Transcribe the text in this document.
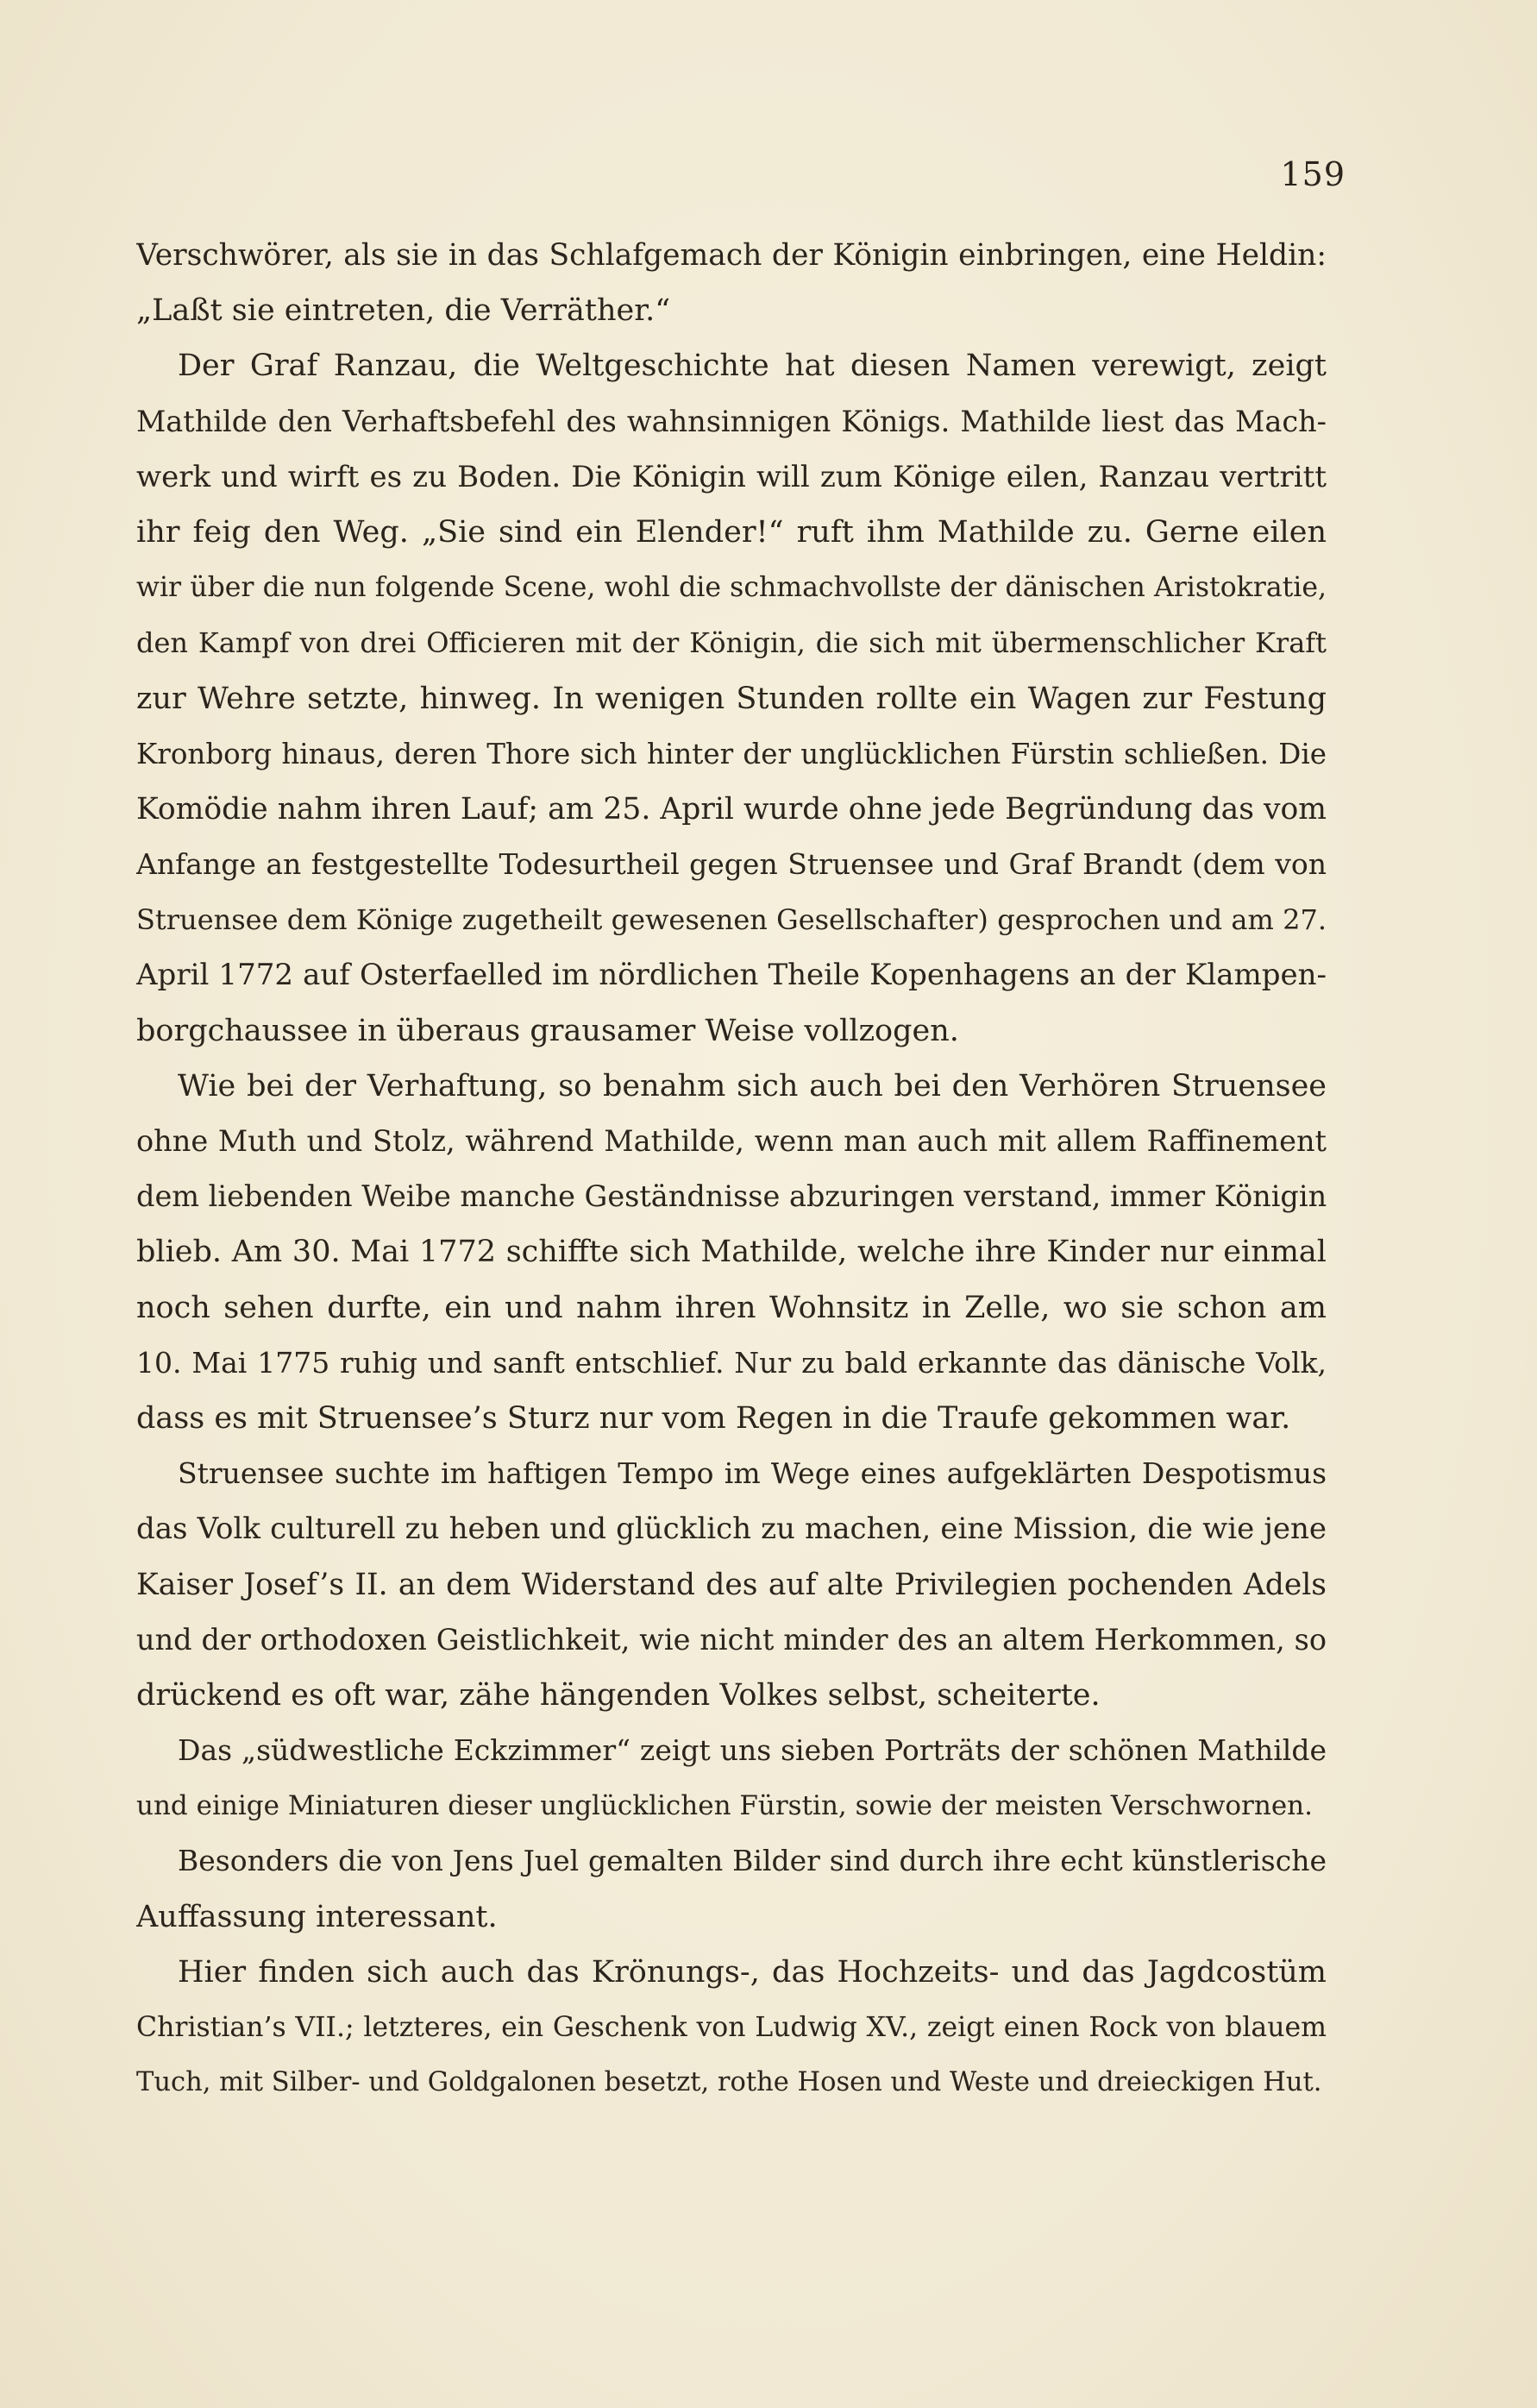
159
Verschwörer, als sie in das Schlafgemach der Königin einbringen, eine Heldin:
„Laßt sie eintreten, die Verräther.“
Der Graf Ranzau, die Weltgeschichte hat diesen Namen verewigt, zeigt
Mathilde den Verhaftsbefehl des wahnsinnigen Königs. Mathilde liest das Mach-
werk und wirft es zu Boden. Die Königin will zum Könige eilen, Ranzau vertritt
ihr feig den Weg. „Sie sind ein Elender!“ ruft ihm Mathilde zu. Gerne eilen
wir über die nun folgende Scene, wohl die schmachvollste der dänischen Aristokratie,
den Kampf von drei Officieren mit der Königin, die sich mit übermenschlicher Kraft
zur Wehre setzte, hinweg. In wenigen Stunden rollte ein Wagen zur Festung
Kronborg hinaus, deren Thore sich hinter der unglücklichen Fürstin schließen. Die
Komödie nahm ihren Lauf; am 25. April wurde ohne jede Begründung das vom
Anfange an festgestellte Todesurtheil gegen Struensee und Graf Brandt (dem von
Struensee dem Könige zugetheilt gewesenen Gesellschafter) gesprochen und am 27.
April 1772 auf Osterfaelled im nördlichen Theile Kopenhagens an der Klampen-
borgchaussee in überaus grausamer Weise vollzogen.
Wie bei der Verhaftung, so benahm sich auch bei den Verhören Struensee
ohne Muth und Stolz, während Mathilde, wenn man auch mit allem Raffinement
dem liebenden Weibe manche Geständnisse abzuringen verstand, immer Königin
blieb. Am 30. Mai 1772 schiffte sich Mathilde, welche ihre Kinder nur einmal
noch sehen durfte, ein und nahm ihren Wohnsitz in Zelle, wo sie schon am
10. Mai 1775 ruhig und sanft entschlief. Nur zu bald erkannte das dänische Volk,
dass es mit Struensee’s Sturz nur vom Regen in die Traufe gekommen war.
Struensee suchte im haftigen Tempo im Wege eines aufgeklärten Despotismus
das Volk culturell zu heben und glücklich zu machen, eine Mission, die wie jene
Kaiser Josef’s II. an dem Widerstand des auf alte Privilegien pochenden Adels
und der orthodoxen Geistlichkeit, wie nicht minder des an altem Herkommen, so
drückend es oft war, zähe hängenden Volkes selbst, scheiterte.
Das „südwestliche Eckzimmer“ zeigt uns sieben Porträts der schönen Mathilde
und einige Miniaturen dieser unglücklichen Fürstin, sowie der meisten Verschwornen.
Besonders die von Jens Juel gemalten Bilder sind durch ihre echt künstlerische
Auffassung interessant.
Hier finden sich auch das Krönungs-, das Hochzeits- und das Jagdcostüm
Christian’s VII.; letzteres, ein Geschenk von Ludwig XV., zeigt einen Rock von blauem
Tuch, mit Silber- und Goldgalonen besetzt, rothe Hosen und Weste und dreieckigen Hut.
